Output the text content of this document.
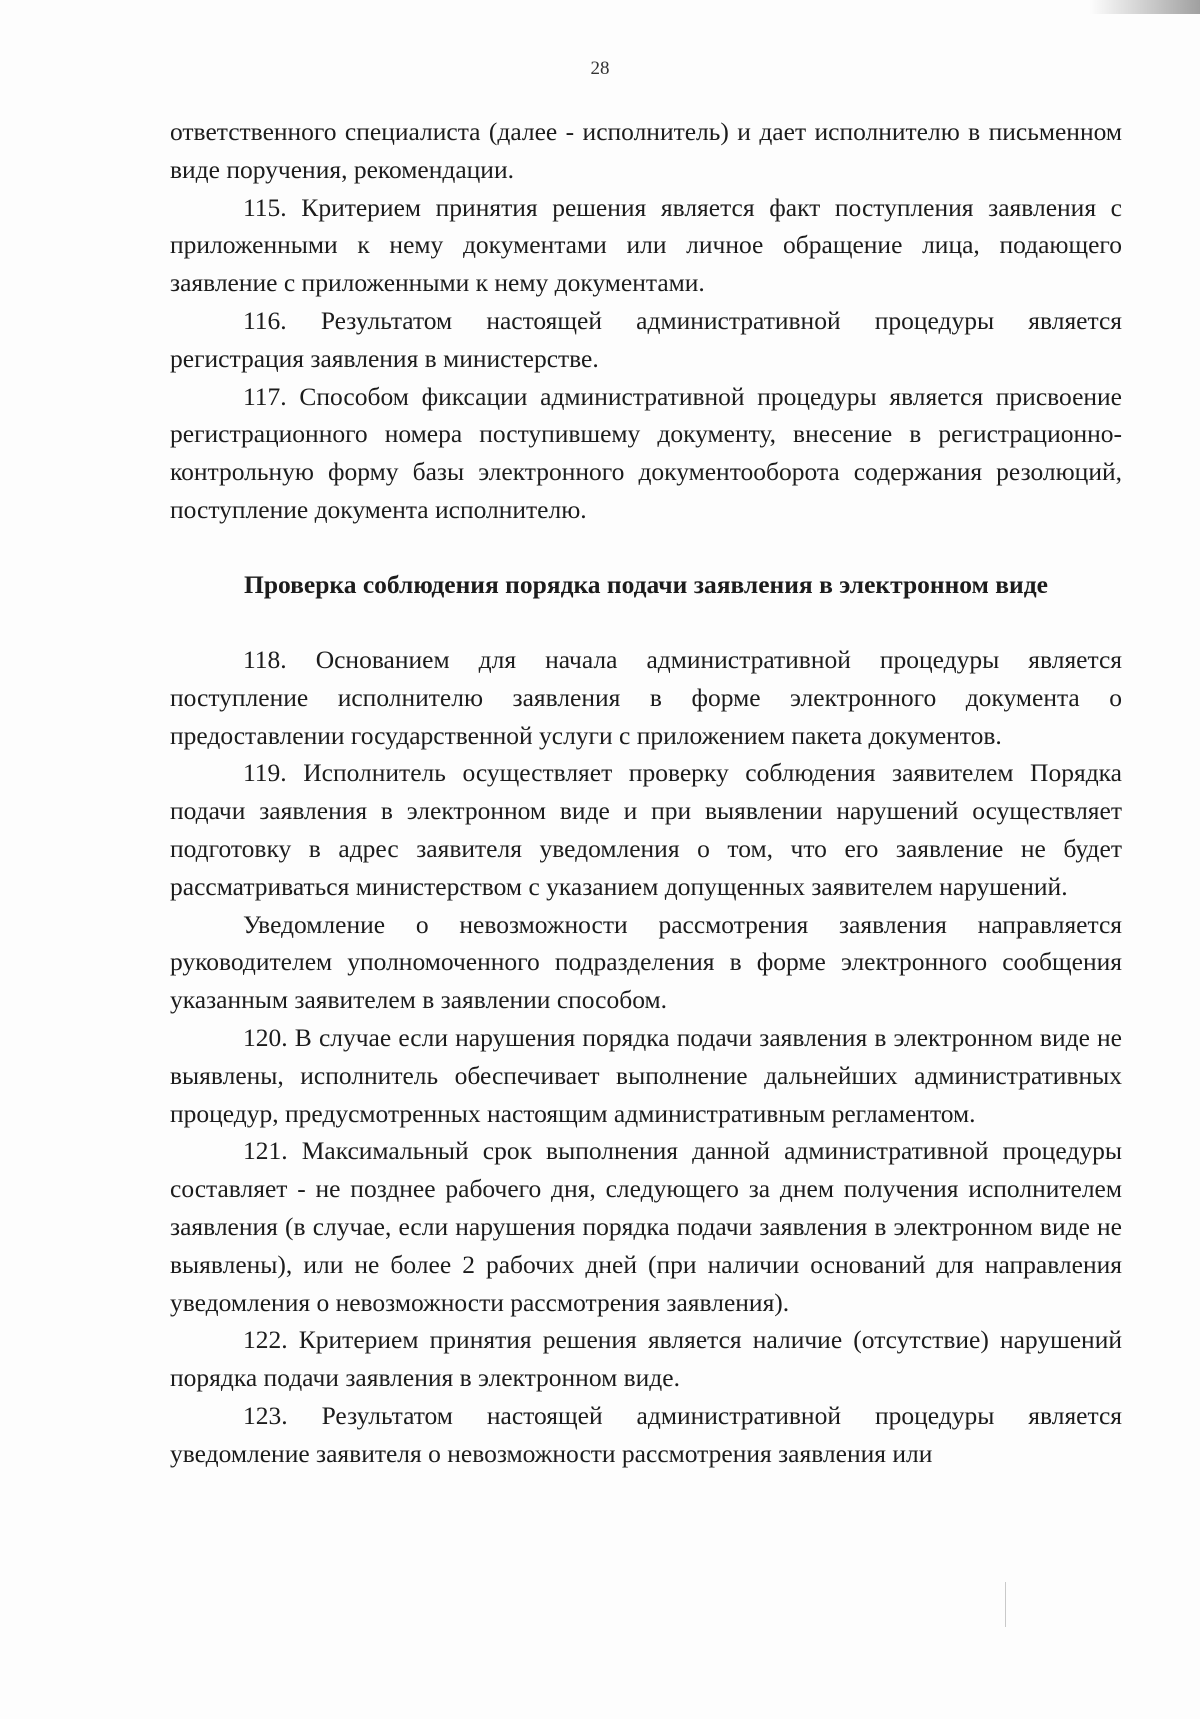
28

ответственного специалиста (далее - исполнитель) и дает исполнителю в письменном виде поручения, рекомендации.

115. Критерием принятия решения является факт поступления заявления с приложенными к нему документами или личное обращение лица, подающего заявление с приложенными к нему документами.

116. Результатом настоящей административной процедуры является регистрация заявления в министерстве.

117. Способом фиксации административной процедуры является присвоение регистрационного номера поступившему документу, внесение в регистрационно-контрольную форму базы электронного документооборота содержания резолюций, поступление документа исполнителю.

Проверка соблюдения порядка подачи заявления в электронном виде

118. Основанием для начала административной процедуры является поступление исполнителю заявления в форме электронного документа о предоставлении государственной услуги с приложением пакета документов.

119. Исполнитель осуществляет проверку соблюдения заявителем Порядка подачи заявления в электронном виде и при выявлении нарушений осуществляет подготовку в адрес заявителя уведомления о том, что его заявление не будет рассматриваться министерством с указанием допущенных заявителем нарушений.

Уведомление о невозможности рассмотрения заявления направляется руководителем уполномоченного подразделения в форме электронного сообщения указанным заявителем в заявлении способом.

120. В случае если нарушения порядка подачи заявления в электронном виде не выявлены, исполнитель обеспечивает выполнение дальнейших административных процедур, предусмотренных настоящим административным регламентом.

121. Максимальный срок выполнения данной административной процедуры составляет - не позднее рабочего дня, следующего за днем получения исполнителем заявления (в случае, если нарушения порядка подачи заявления в электронном виде не выявлены), или не более 2 рабочих дней (при наличии оснований для направления уведомления о невозможности рассмотрения заявления).

122. Критерием принятия решения является наличие (отсутствие) нарушений порядка подачи заявления в электронном виде.

123. Результатом настоящей административной процедуры является уведомление заявителя о невозможности рассмотрения заявления или
